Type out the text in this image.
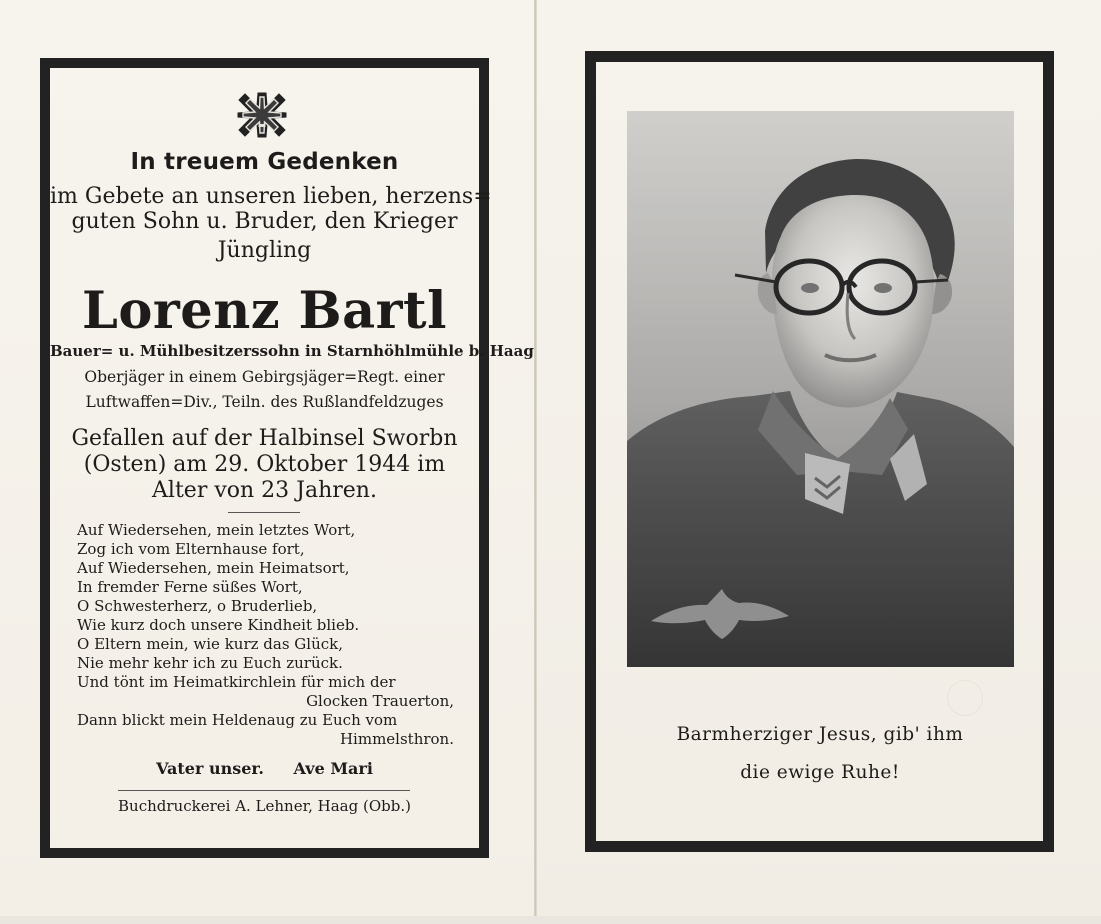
In treuem Gedenken
im Gebete an unseren lieben, herzens=
guten Sohn u. Bruder, den Krieger
Jüngling
Lorenz Bartl
Bauer= u. Mühlbesitzerssohn in Starnhöhlmühle b. Haag
Oberjäger in einem Gebirgsjäger=Regt. einer
Luftwaffen=Div., Teiln. des Rußlandfeldzuges
Gefallen auf der Halbinsel Sworbn
(Osten) am 29. Oktober 1944 im
Alter von 23 Jahren.
Auf Wiedersehen, mein letztes Wort,
Zog ich vom Elternhause fort,
Auf Wiedersehen, mein Heimatsort,
In fremder Ferne süßes Wort,
O Schwesterherz, o Bruderlieb,
Wie kurz doch unsere Kindheit blieb.
O Eltern mein, wie kurz das Glück,
Nie mehr kehr ich zu Euch zurück.
Und tönt im Heimatkirchlein für mich der
Glocken Trauerton,
Dann blickt mein Heldenaug zu Euch vom
Himmelsthron.
Vater unser. Ave Mari
Buchdruckerei A. Lehner, Haag (Obb.)
Barmherziger Jesus, gib' ihm
die ewige Ruhe!
